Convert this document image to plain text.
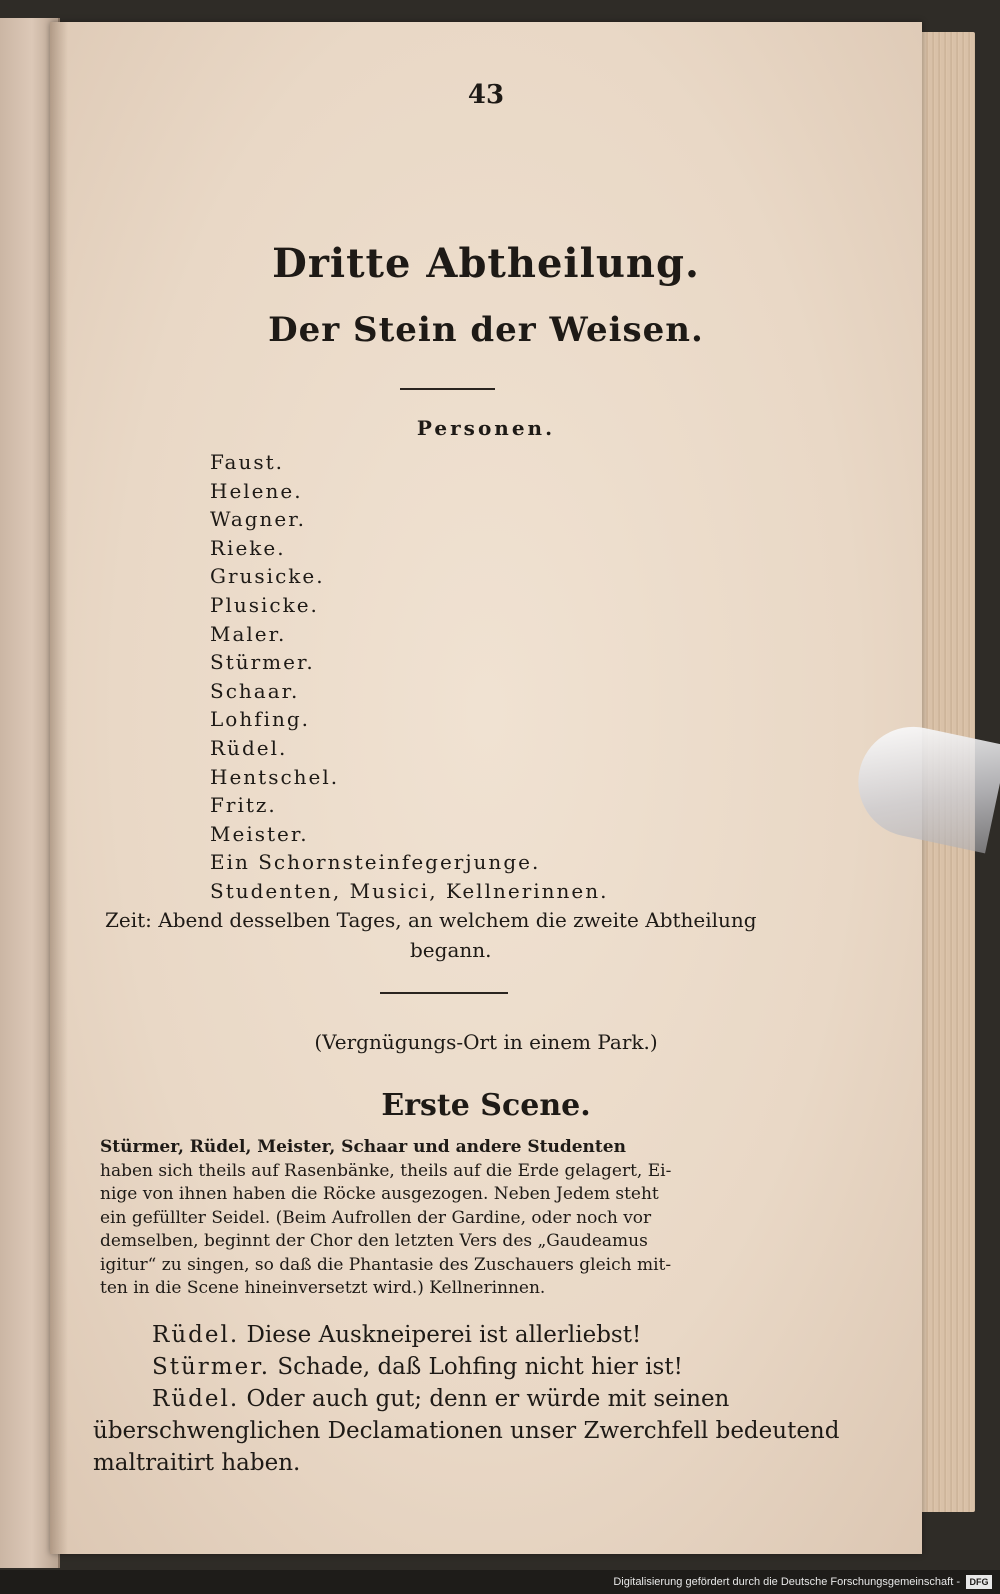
43
Dritte Abtheilung.
Der Stein der Weisen.
Personen.
Faust.
Helene.
Wagner.
Rieke.
Grusicke.
Plusicke.
Maler.
Stürmer.
Schaar.
Lohfing.
Rüdel.
Hentschel.
Fritz.
Meister.
Ein Schornsteinfegerjunge.
Studenten, Musici, Kellnerinnen.
Zeit: Abend desselben Tages, an welchem die zweite Abtheilung
begann.
(Vergnügungs-Ort in einem Park.)
Erste Scene.

Stürmer, Rüdel, Meister, Schaar und andere Studenten

haben sich theils auf Rasenbänke, theils auf die Erde gelagert, Ei-

nige von ihnen haben die Röcke ausgezogen. Neben Jedem steht

ein gefüllter Seidel. (Beim Aufrollen der Gardine, oder noch vor

demselben, beginnt der Chor den letzten Vers des „Gaudeamus

igitur“ zu singen, so daß die Phantasie des Zuschauers gleich mit-

ten in die Scene hineinversetzt wird.) Kellnerinnen.

Rüdel. Diese Auskneiperei ist allerliebst!
Stürmer. Schade, daß Lohfing nicht hier ist!
Rüdel. Oder auch gut; denn er würde mit seinen
überschwenglichen Declamationen unser Zwerchfell bedeutend
maltraitirt haben.
Digitalisierung gefördert durch die Deutsche Forschungsgemeinschaft -	DFG
